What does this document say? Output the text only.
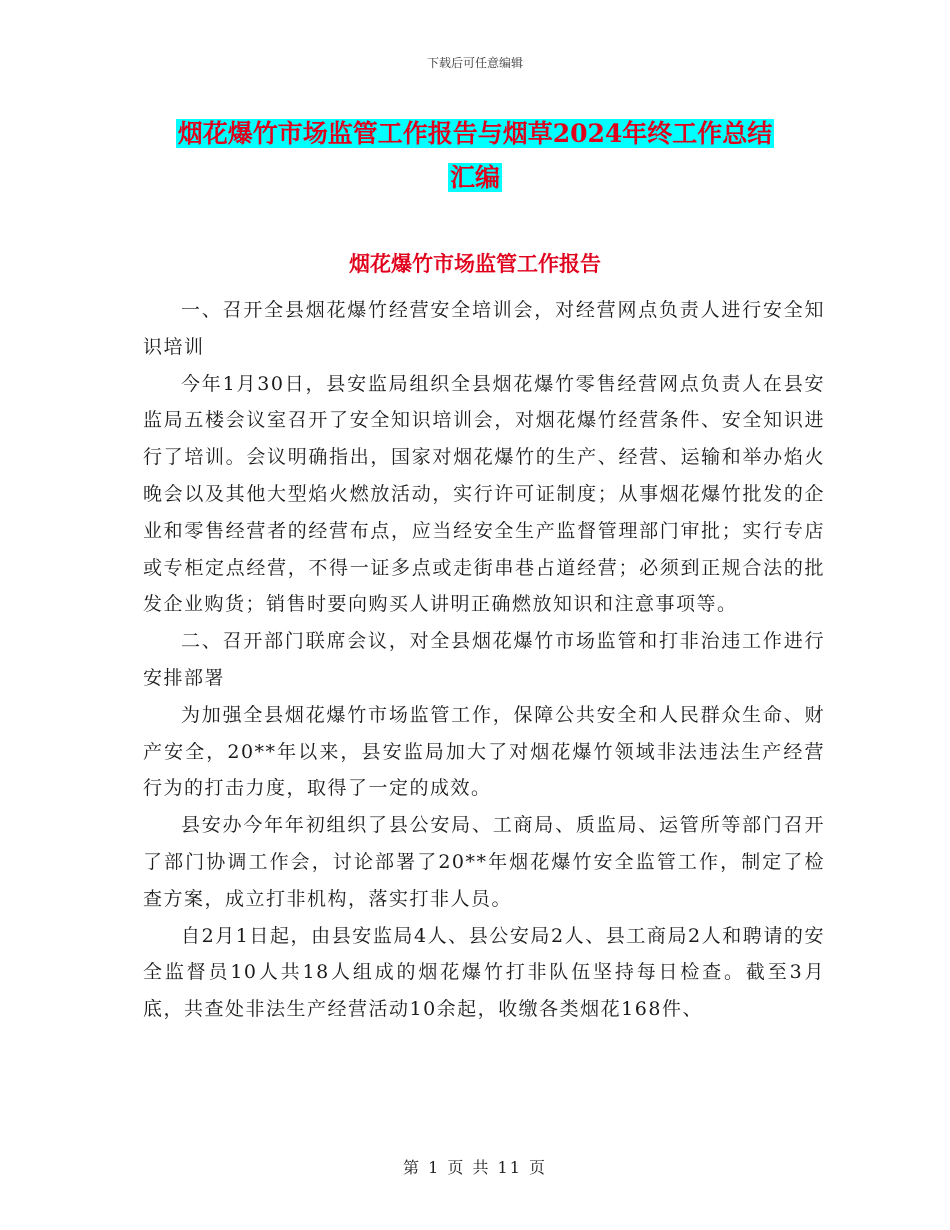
下载后可任意编辑
烟花爆竹市场监管工作报告与烟草2024年终工作总结
汇编
烟花爆竹市场监管工作报告

一、召开全县烟花爆竹经营安全培训会，对经营网点负责人进行安全知识培训

今年1月30日，县安监局组织全县烟花爆竹零售经营网点负责人在县安监局五楼会议室召开了安全知识培训会，对烟花爆竹经营条件、安全知识进行了培训。会议明确指出，国家对烟花爆竹的生产、经营、运输和举办焰火晚会以及其他大型焰火燃放活动，实行许可证制度；从事烟花爆竹批发的企业和零售经营者的经营布点，应当经安全生产监督管理部门审批；实行专店或专柜定点经营，不得一证多点或走街串巷占道经营；必须到正规合法的批发企业购货；销售时要向购买人讲明正确燃放知识和注意事项等。

二、召开部门联席会议，对全县烟花爆竹市场监管和打非治违工作进行安排部署

为加强全县烟花爆竹市场监管工作，保障公共安全和人民群众生命、财产安全，20**年以来，县安监局加大了对烟花爆竹领域非法违法生产经营行为的打击力度，取得了一定的成效。

县安办今年年初组织了县公安局、工商局、质监局、运管所等部门召开了部门协调工作会，讨论部署了20**年烟花爆竹安全监管工作，制定了检查方案，成立打非机构，落实打非人员。

自2月1日起，由县安监局4人、县公安局2人、县工商局2人和聘请的安全监督员10人共18人组成的烟花爆竹打非队伍坚持每日检查。截至3月底，共查处非法生产经营活动10余起，收缴各类烟花168件、

第 1 页 共 11 页
